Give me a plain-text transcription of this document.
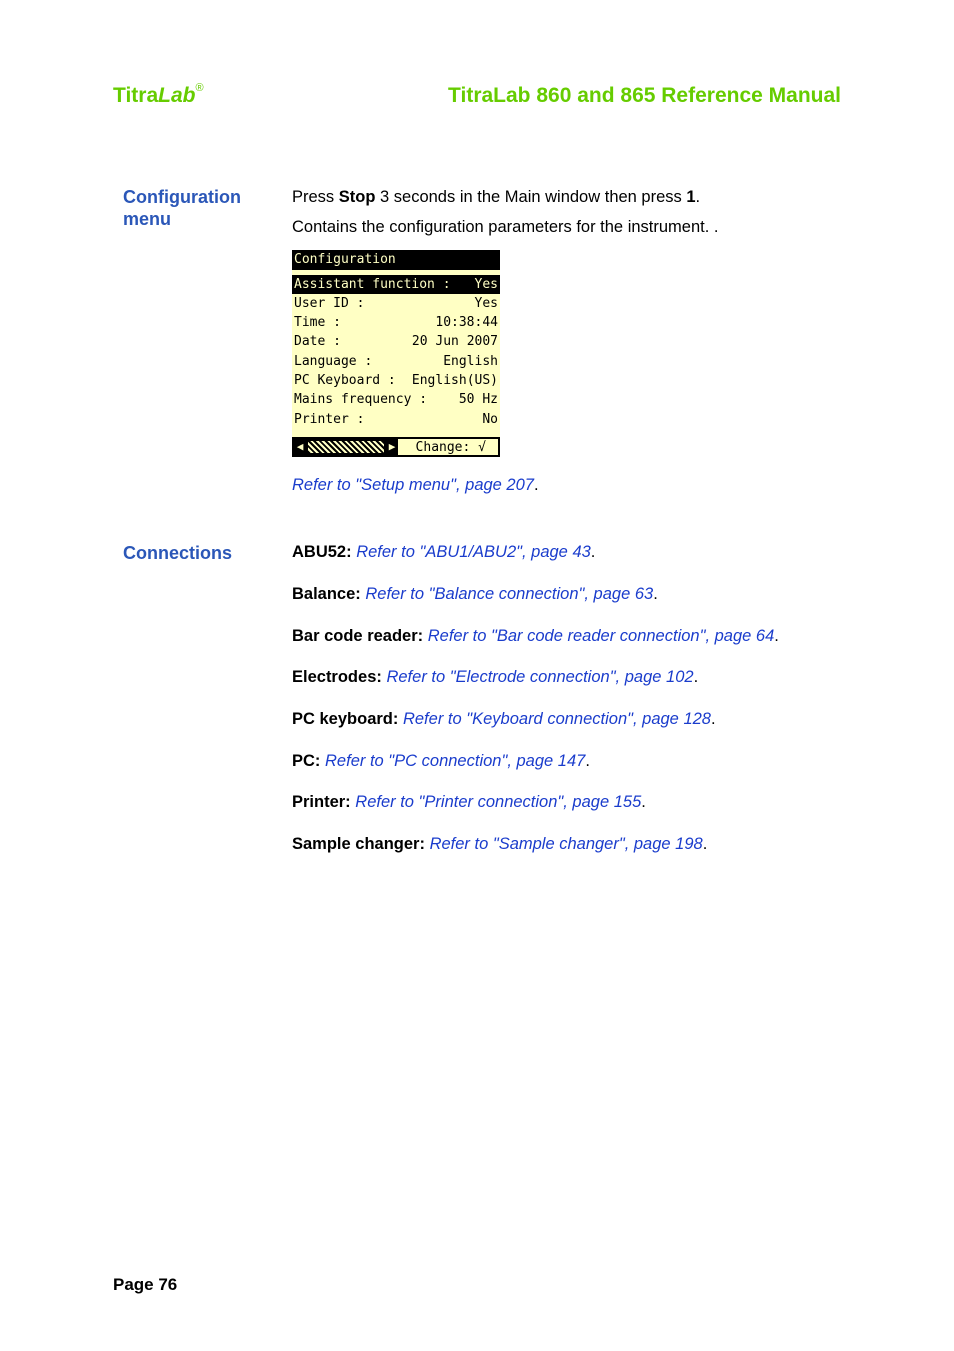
TitraLab®	TitraLab 860 and 865 Reference Manual
Configuration
menu
Press Stop 3 seconds in the Main window then press 1.
Contains the configuration parameters for the instrument. .
Configuration
Assistant function : Yes
User ID :	Yes
Time :	10:38:44
Date :	20 Jun 2007
Language :	English
PC Keyboard : English(US)
Mains frequency : 50 Hz
Printer :	No
◀	▶	Change: √
Refer to "Setup menu", page 207.
Connections	ABU52: Refer to "ABU1/ABU2", page 43.
Balance: Refer to "Balance connection", page 63.
Bar code reader: Refer to "Bar code reader connection", page 64.
Electrodes: Refer to "Electrode connection", page 102.
PC keyboard: Refer to "Keyboard connection", page 128.
PC: Refer to "PC connection", page 147.
Printer: Refer to "Printer connection", page 155.
Sample changer: Refer to "Sample changer", page 198.
Page 76
